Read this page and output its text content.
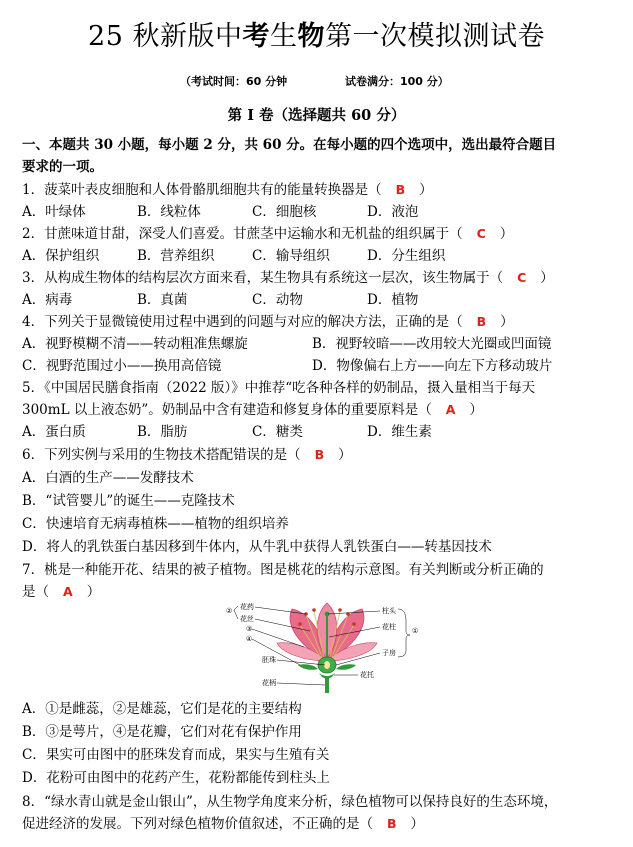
25 秋新版中考生物第一次模拟测试卷
（考试时间：60 分钟	试卷满分：100 分）
第 I 卷（选择题共 60 分）
一、本题共 30 小题，每小题 2 分，共 60 分。在每小题的四个选项中，选出最符合题目
要求的一项。
1．菠菜叶表皮细胞和人体骨骼肌细胞共有的能量转换器是（ B ）
A．叶绿体	B．线粒体	C．细胞核	D．液泡
2．甘蔗味道甘甜，深受人们喜爱。甘蔗茎中运输水和无机盐的组织属于（ C ）
A．保护组织	B．营养组织	C．输导组织	D．分生组织
3．从构成生物体的结构层次方面来看，某生物具有系统这一层次，该生物属于（ C ）
A．病毒	B．真菌	C．动物	D．植物
4．下列关于显微镜使用过程中遇到的问题与对应的解决方法，正确的是（ B ）
A．视野模糊不清——转动粗准焦螺旋	B．视野较暗——改用较大光圈或凹面镜
C．视野范围过小——换用高倍镜	D．物像偏右上方——向左下方移动玻片
5．《中国居民膳食指南（2022 版）》中推荐“吃各种各样的奶制品，摄入量相当于每天
300mL 以上液态奶”。奶制品中含有建造和修复身体的重要原料是（ A ）
A．蛋白质	B．脂肪	C．糖类	D．维生素
6．下列实例与采用的生物技术搭配错误的是（ B ）
A．白酒的生产——发酵技术
B．“试管婴儿”的诞生——克隆技术
C．快速培育无病毒植株——植物的组织培养
D．将人的乳铁蛋白基因移到牛体内，从牛乳中获得人乳铁蛋白——转基因技术
7．桃是一种能开花、结果的被子植物。图是桃花的结构示意图。有关判断或分析正确的
是（ A ）
② 花药
花丝
③
④
胚珠
花柄
柱头
花柱 ①
子房
花托
A．①是雌蕊，②是雄蕊，它们是花的主要结构
B．③是萼片，④是花瓣，它们对花有保护作用
C．果实可由图中的胚珠发育而成，果实与生殖有关
D．花粉可由图中的花药产生，花粉都能传到柱头上
8．“绿水青山就是金山银山”，从生物学角度来分析，绿色植物可以保持良好的生态环境，
促进经济的发展。下列对绿色植物价值叙述，不正确的是（ B ）
